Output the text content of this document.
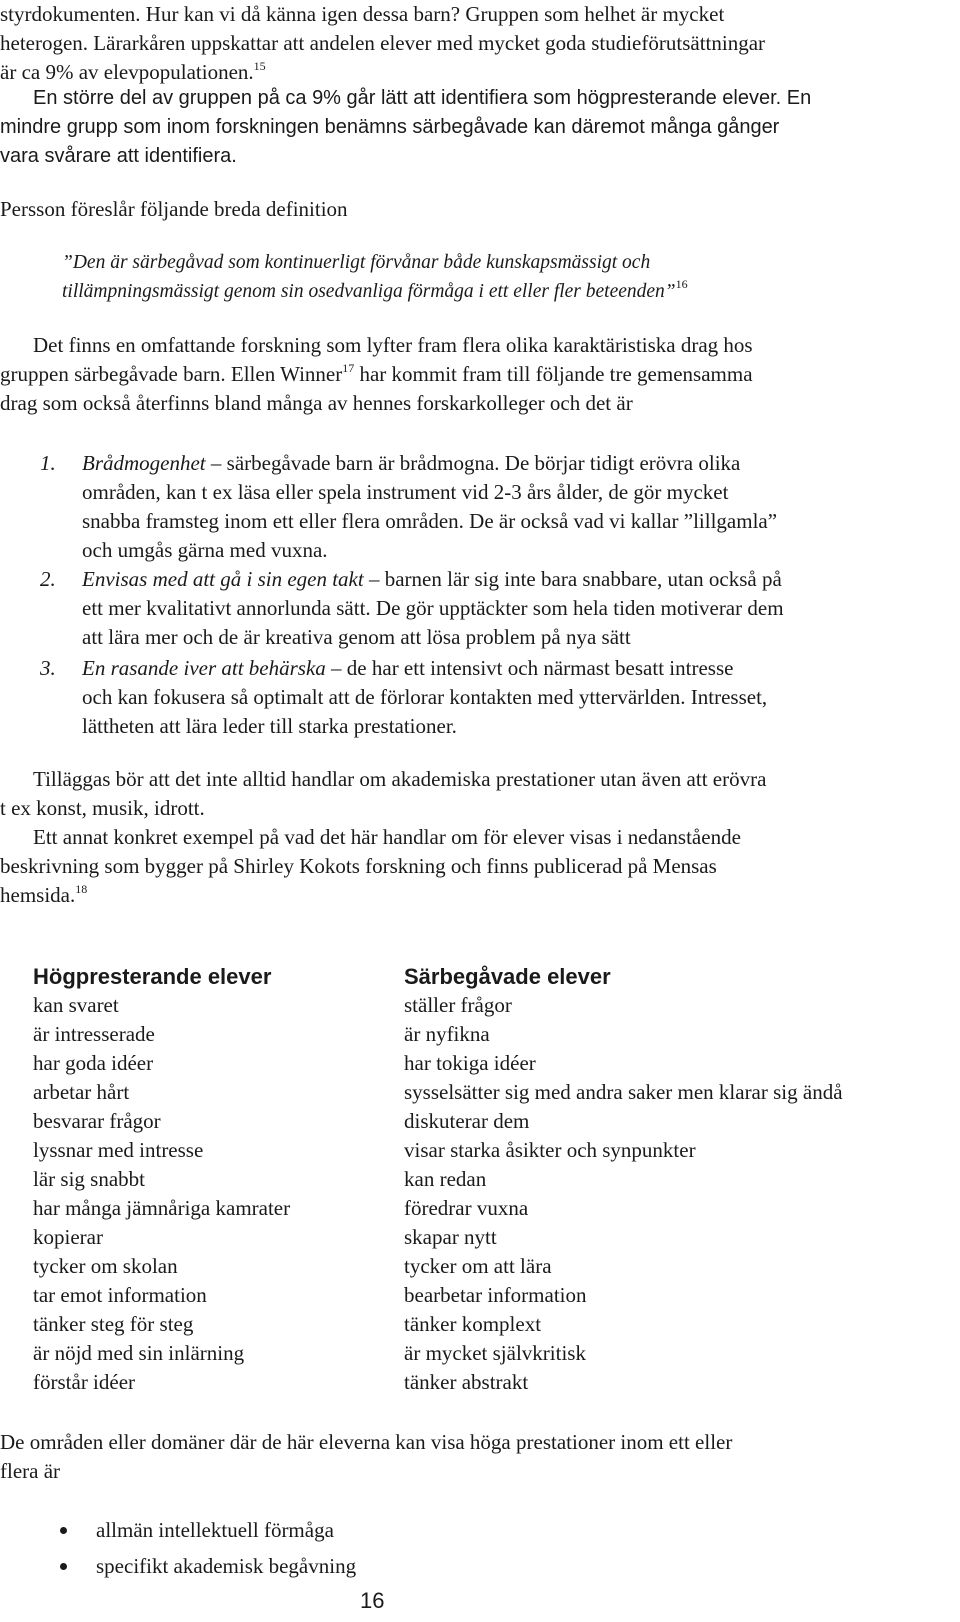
styrdokumenten. Hur kan vi då känna igen dessa barn? Gruppen som helhet är mycket

heterogen. Lärarkåren uppskattar att andelen elever med mycket goda studieförutsättningar

är ca 9% av elevpopulationen.$^{15}$

En större del av gruppen på ca 9% går lätt att identifiera som högpresterande elever. En

mindre grupp som inom forskningen benämns särbegåvade kan däremot många gånger

vara svårare att identifiera.

Persson föreslår följande breda definition

”Den är särbegåvad som kontinuerligt förvånar både kunskapsmässigt och

tillämpningsmässigt genom sin osedvanliga förmåga i ett eller fler beteenden”$^{16}$

Det finns en omfattande forskning som lyfter fram flera olika karaktäristiska drag hos

gruppen särbegåvade barn. Ellen Winner$^{17}$ har kommit fram till följande tre gemensamma

drag som också återfinns bland många av hennes forskarkolleger och det är

1. Brådmogenhet – särbegåvade barn är brådmogna. De börjar tidigt erövra olika

områden, kan t ex läsa eller spela instrument vid 2-3 års ålder, de gör mycket

snabba framsteg inom ett eller flera områden. De är också vad vi kallar ”lillgamla”

och umgås gärna med vuxna.

2. Envisas med att gå i sin egen takt – barnen lär sig inte bara snabbare, utan också på

ett mer kvalitativt annorlunda sätt. De gör upptäckter som hela tiden motiverar dem

att lära mer och de är kreativa genom att lösa problem på nya sätt

3. En rasande iver att behärska – de har ett intensivt och närmast besatt intresse

och kan fokusera så optimalt att de förlorar kontakten med yttervärlden. Intresset,

lättheten att lära leder till starka prestationer.

Tilläggas bör att det inte alltid handlar om akademiska prestationer utan även att erövra

t ex konst, musik, idrott.

Ett annat konkret exempel på vad det här handlar om för elever visas i nedanstående

beskrivning som bygger på Shirley Kokots forskning och finns publicerad på Mensas

hemsida.$^{18}$

Högpresterande elever
kan svaret
är intresserade
har goda idéer
arbetar hårt
besvarar frågor
lyssnar med intresse
lär sig snabbt
har många jämnåriga kamrater
kopierar
tycker om skolan
tar emot information
tänker steg för steg
är nöjd med sin inlärning
förstår idéer
Särbegåvade elever
ställer frågor
är nyfikna
har tokiga idéer
sysselsätter sig med andra saker men klarar sig ändå
diskuterar dem
visar starka åsikter och synpunkter
kan redan
föredrar vuxna
skapar nytt
tycker om att lära
bearbetar information
tänker komplext
är mycket självkritisk
tänker abstrakt

De områden eller domäner där de här eleverna kan visa höga prestationer inom ett eller

flera är

allmän intellektuell förmåga
specifikt akademisk begåvning
16
